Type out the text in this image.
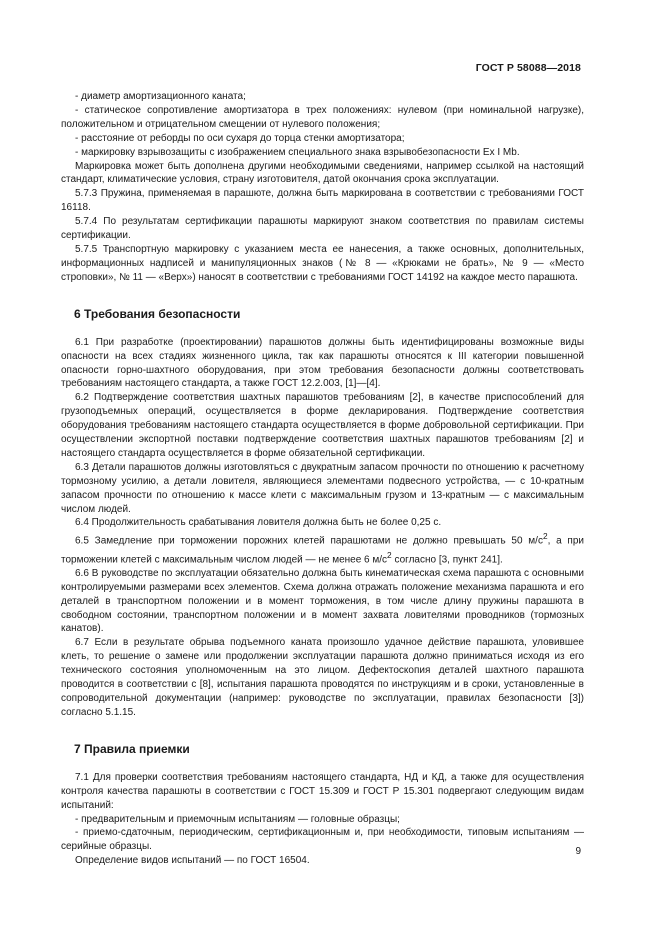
ГОСТ Р 58088—2018

- диаметр амортизационного каната;

- статическое сопротивление амортизатора в трех положениях: нулевом (при номинальной нагрузке), положительном и отрицательном смещении от нулевого положения;

- расстояние от реборды по оси сухаря до торца стенки амортизатора;

- маркировку взрывозащиты с изображением специального знака взрывобезопасности Ex I Mb.

Маркировка может быть дополнена другими необходимыми сведениями, например ссылкой на настоящий стандарт, климатические условия, страну изготовителя, датой окончания срока эксплуатации.

5.7.3 Пружина, применяемая в парашюте, должна быть маркирована в соответствии с требованиями ГОСТ 16118.

5.7.4 По результатам сертификации парашюты маркируют знаком соответствия по правилам системы сертификации.

5.7.5 Транспортную маркировку с указанием места ее нанесения, а также основных, дополнительных, информационных надписей и манипуляционных знаков (№ 8 — «Крюками не брать», № 9 — «Место строповки», № 11 — «Верх») наносят в соответствии с требованиями ГОСТ 14192 на каждое место парашюта.

6 Требования безопасности

6.1 При разработке (проектировании) парашютов должны быть идентифицированы возможные виды опасности на всех стадиях жизненного цикла, так как парашюты относятся к III категории повышенной опасности горно-шахтного оборудования, при этом требования безопасности должны соответствовать требованиям настоящего стандарта, а также ГОСТ 12.2.003, [1]—[4].

6.2 Подтверждение соответствия шахтных парашютов требованиям [2], в качестве приспособлений для грузоподъемных операций, осуществляется в форме декларирования. Подтверждение соответствия оборудования требованиям настоящего стандарта осуществляется в форме добровольной сертификации. При осуществлении экспортной поставки подтверждение соответствия шахтных парашютов требованиям [2] и настоящего стандарта осуществляется в форме обязательной сертификации.

6.3 Детали парашютов должны изготовляться с двукратным запасом прочности по отношению к расчетному тормозному усилию, а детали ловителя, являющиеся элементами подвесного устройства, — с 10-кратным запасом прочности по отношению к массе клети с максимальным грузом и 13-кратным — с максимальным числом людей.

6.4 Продолжительность срабатывания ловителя должна быть не более 0,25 с.

6.5 Замедление при торможении порожних клетей парашютами не должно превышать 50 $м/с^2$, а при торможении клетей с максимальным числом людей — не менее 6 $м/с^2$ согласно [3, пункт 241].

6.6 В руководстве по эксплуатации обязательно должна быть кинематическая схема парашюта с основными контролируемыми размерами всех элементов. Схема должна отражать положение механизма парашюта и его деталей в транспортном положении и в момент торможения, в том числе длину пружины парашюта в свободном состоянии, транспортном положении и в момент захвата ловителями проводников (тормозных канатов).

6.7 Если в результате обрыва подъемного каната произошло удачное действие парашюта, уловившее клеть, то решение о замене или продолжении эксплуатации парашюта должно приниматься исходя из его технического состояния уполномоченным на это лицом. Дефектоскопия деталей шахтного парашюта проводится в соответствии с [8], испытания парашюта проводятся по инструкциям и в сроки, установленные в сопроводительной документации (например: руководстве по эксплуатации, правилах безопасности [3]) согласно 5.1.15.

7 Правила приемки

7.1 Для проверки соответствия требованиям настоящего стандарта, НД и КД, а также для осуществления контроля качества парашюты в соответствии с ГОСТ 15.309 и ГОСТ Р 15.301 подвергают следующим видам испытаний:

- предварительным и приемочным испытаниям — головные образцы;

- приемо-сдаточным, периодическим, сертификационным и, при необходимости, типовым испытаниям — серийные образцы.

Определение видов испытаний — по ГОСТ 16504.

9
